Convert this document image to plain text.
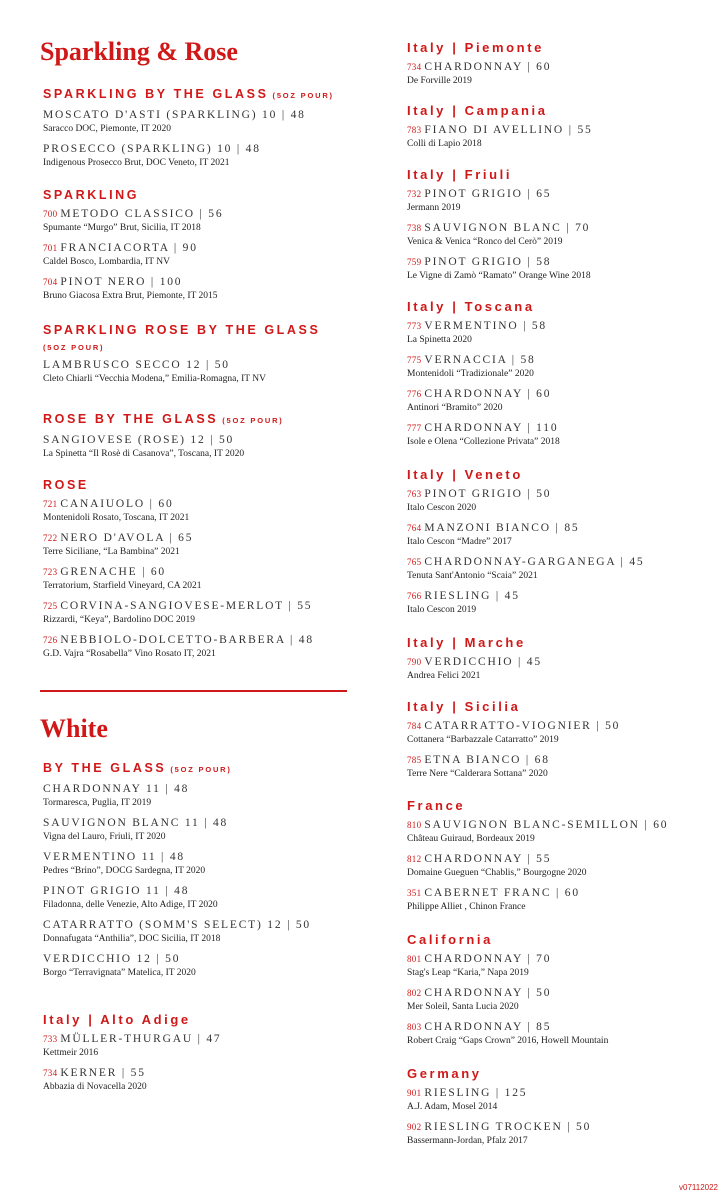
Sparkling & Rose
SPARKLING BY THE GLASS (5OZ POUR)
MOSCATO D'ASTI (SPARKLING) 10 | 48
Saracco DOC, Piemonte, IT 2020
PROSECCO (SPARKLING) 10 | 48
Indigenous Prosecco Brut, DOC Veneto, IT 2021
SPARKLING
700 METODO CLASSICO | 56
Spumante “Murgo” Brut, Sicilia, IT 2018
701 FRANCIACORTA | 90
Caldel Bosco, Lombardia, IT NV
704 PINOT NERO | 100
Bruno Giacosa Extra Brut, Piemonte, IT 2015
SPARKLING ROSE BY THE GLASS
(5OZ POUR)
LAMBRUSCO SECCO 12 | 50
Cleto Chiarli “Vecchia Modena,” Emilia-Romagna, IT NV
ROSE BY THE GLASS (5OZ POUR)
SANGIOVESE (ROSE) 12 | 50
La Spinetta “Il Rosè di Casanova”, Toscana, IT 2020
ROSE
721 CANAIUOLO | 60
Montenidoli Rosato, Toscana, IT 2021
722 NERO D'AVOLA | 65
Terre Siciliane, “La Bambina” 2021
723 GRENACHE | 60
Terratorium, Starfield Vineyard, CA 2021
725 CORVINA-SANGIOVESE-MERLOT | 55
Rizzardi, “Keya”, Bardolino DOC 2019
726 NEBBIOLO-DOLCETTO-BARBERA | 48
G.D. Vajra “Rosabella” Vino Rosato IT, 2021
White
BY THE GLASS (5OZ POUR)
CHARDONNAY 11 | 48
Tormaresca, Puglia, IT 2019
SAUVIGNON BLANC 11 | 48
Vigna del Lauro, Friuli, IT 2020
VERMENTINO 11 | 48
Pedres “Brino”, DOCG Sardegna, IT 2020
PINOT GRIGIO 11 | 48
Filadonna, delle Venezie, Alto Adige, IT 2020
CATARRATTO (SOMM'S SELECT) 12 | 50
Donnafugata “Anthilia”, DOC Sicilia, IT 2018
VERDICCHIO 12 | 50
Borgo “Terravignata” Matelica, IT 2020
Italy | Alto Adige
733 MÜLLER-THURGAU | 47
Kettmeir 2016
734 KERNER | 55
Abbazia di Novacella 2020
Italy | Piemonte
734 CHARDONNAY | 60
De Forville 2019
Italy | Campania
783 FIANO DI AVELLINO | 55
Colli di Lapio 2018
Italy | Friuli
732 PINOT GRIGIO | 65
Jermann 2019
738 SAUVIGNON BLANC | 70
Venica & Venica “Ronco del Cerò” 2019
759 PINOT GRIGIO | 58
Le Vigne di Zamò “Ramato” Orange Wine 2018
Italy | Toscana
773 VERMENTINO | 58
La Spinetta 2020
775 VERNACCIA | 58
Montenidoli “Tradizionale” 2020
776 CHARDONNAY | 60
Antinori “Bramito” 2020
777 CHARDONNAY | 110
Isole e Olena “Collezione Privata” 2018
Italy | Veneto
763 PINOT GRIGIO | 50
Italo Cescon 2020
764 MANZONI BIANCO | 85
Italo Cescon “Madre” 2017
765 CHARDONNAY-GARGANEGA | 45
Tenuta Sant'Antonio “Scaia” 2021
766 RIESLING | 45
Italo Cescon 2019
Italy | Marche
790 VERDICCHIO | 45
Andrea Felici 2021
Italy | Sicilia
784 CATARRATTO-VIOGNIER | 50
Cottanera “Barbazzale Catarratto” 2019
785 ETNA BIANCO | 68
Terre Nere “Calderara Sottana” 2020
France
810 SAUVIGNON BLANC-SEMILLON | 60
Château Guiraud, Bordeaux 2019
812 CHARDONNAY | 55
Domaine Gueguen “Chablis,” Bourgogne 2020
351 CABERNET FRANC | 60
Philippe Alliet , Chinon France
California
801 CHARDONNAY | 70
Stag's Leap “Karia,” Napa 2019
802 CHARDONNAY | 50
Mer Soleil, Santa Lucia 2020
803 CHARDONNAY | 85
Robert Craig “Gaps Crown” 2016, Howell Mountain
Germany
901 RIESLING | 125
A.J. Adam, Mosel 2014
902 RIESLING TROCKEN | 50
Bassermann-Jordan, Pfalz 2017
v07112022
